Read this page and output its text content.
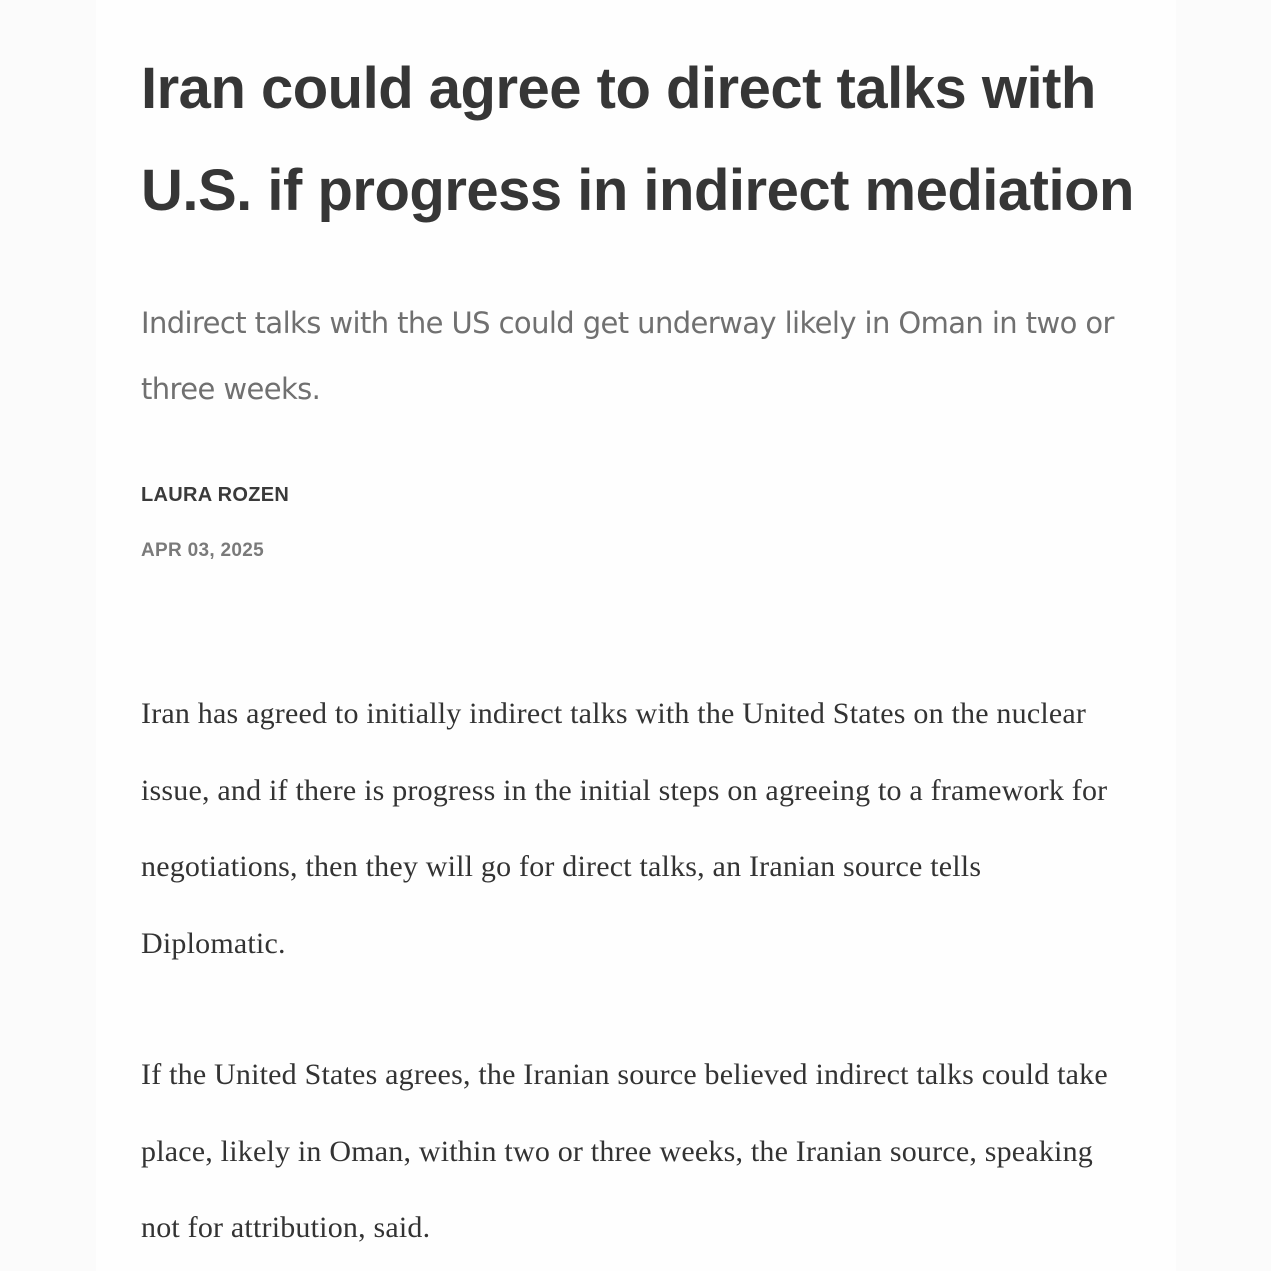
Iran could agree to direct talks with U.S. if progress in indirect mediation

Indirect talks with the US could get underway likely in Oman in two or three weeks.

LAURA ROZEN
APR 03, 2025

Iran has agreed to initially indirect talks with the United States on the nuclear issue, and if there is progress in the initial steps on agreeing to a framework for negotiations, then they will go for direct talks, an Iranian source tells Diplomatic.

If the United States agrees, the Iranian source believed indirect talks could take place, likely in Oman, within two or three weeks, the Iranian source, speaking not for attribution, said.
